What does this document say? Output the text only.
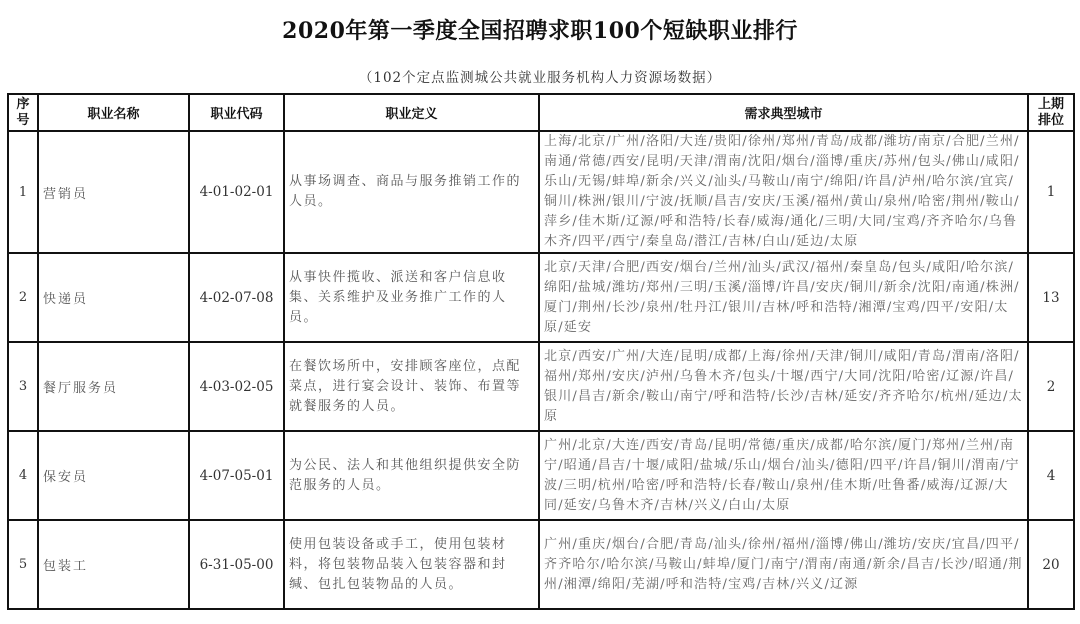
2020年第一季度全国招聘求职100个短缺职业排行
（102个定点监测城公共就业服务机构人力资源场数据）
序号	职业名称	职业代码	职业定义	需求典型城市	上期排位
1	营销员	4-01-02-01	从事场调查、商品与服务推销工作的人员。	上海/北京/广州/洛阳/大连/贵阳/徐州/郑州/青岛/成都/潍坊/南京/合肥/兰州/南通/常德/西安/昆明/天津/渭南/沈阳/烟台/淄博/重庆/苏州/包头/佛山/咸阳/乐山/无锡/蚌埠/新余/兴义/汕头/马鞍山/南宁/绵阳/许昌/泸州/哈尔滨/宜宾/铜川/株洲/银川/宁波/抚顺/昌吉/安庆/玉溪/福州/黄山/泉州/哈密/荆州/鞍山/萍乡/佳木斯/辽源/呼和浩特/长春/威海/通化/三明/大同/宝鸡/齐齐哈尔/乌鲁木齐/四平/西宁/秦皇岛/潜江/吉林/白山/延边/太原	1
2	快递员	4-02-07-08	从事快件揽收、派送和客户信息收集、关系维护及业务推广工作的人员。	北京/天津/合肥/西安/烟台/兰州/汕头/武汉/福州/秦皇岛/包头/咸阳/哈尔滨/绵阳/盐城/潍坊/郑州/三明/玉溪/淄博/许昌/安庆/铜川/新余/沈阳/南通/株洲/厦门/荆州/长沙/泉州/牡丹江/银川/吉林/呼和浩特/湘潭/宝鸡/四平/安阳/太原/延安	13
3	餐厅服务员	4-03-02-05	在餐饮场所中，安排顾客座位，点配菜点，进行宴会设计、装饰、布置等就餐服务的人员。	北京/西安/广州/大连/昆明/成都/上海/徐州/天津/铜川/咸阳/青岛/渭南/洛阳/福州/郑州/安庆/泸州/乌鲁木齐/包头/十堰/西宁/大同/沈阳/哈密/辽源/许昌/银川/昌吉/新余/鞍山/南宁/呼和浩特/长沙/吉林/延安/齐齐哈尔/杭州/延边/太原	2
4	保安员	4-07-05-01	为公民、法人和其他组织提供安全防范服务的人员。	广州/北京/大连/西安/青岛/昆明/常德/重庆/成都/哈尔滨/厦门/郑州/兰州/南宁/昭通/昌吉/十堰/咸阳/盐城/乐山/烟台/汕头/德阳/四平/许昌/铜川/渭南/宁波/三明/杭州/哈密/呼和浩特/长春/鞍山/泉州/佳木斯/吐鲁番/威海/辽源/大同/延安/乌鲁木齐/吉林/兴义/白山/太原	4
5	包装工	6-31-05-00	使用包装设备或手工，使用包装材料，将包装物品装入包装容器和封缄、包扎包装物品的人员。	广州/重庆/烟台/合肥/青岛/汕头/徐州/福州/淄博/佛山/潍坊/安庆/宜昌/四平/齐齐哈尔/哈尔滨/马鞍山/蚌埠/厦门/南宁/渭南/南通/新余/昌吉/长沙/昭通/荆州/湘潭/绵阳/芜湖/呼和浩特/宝鸡/吉林/兴义/辽源	20
